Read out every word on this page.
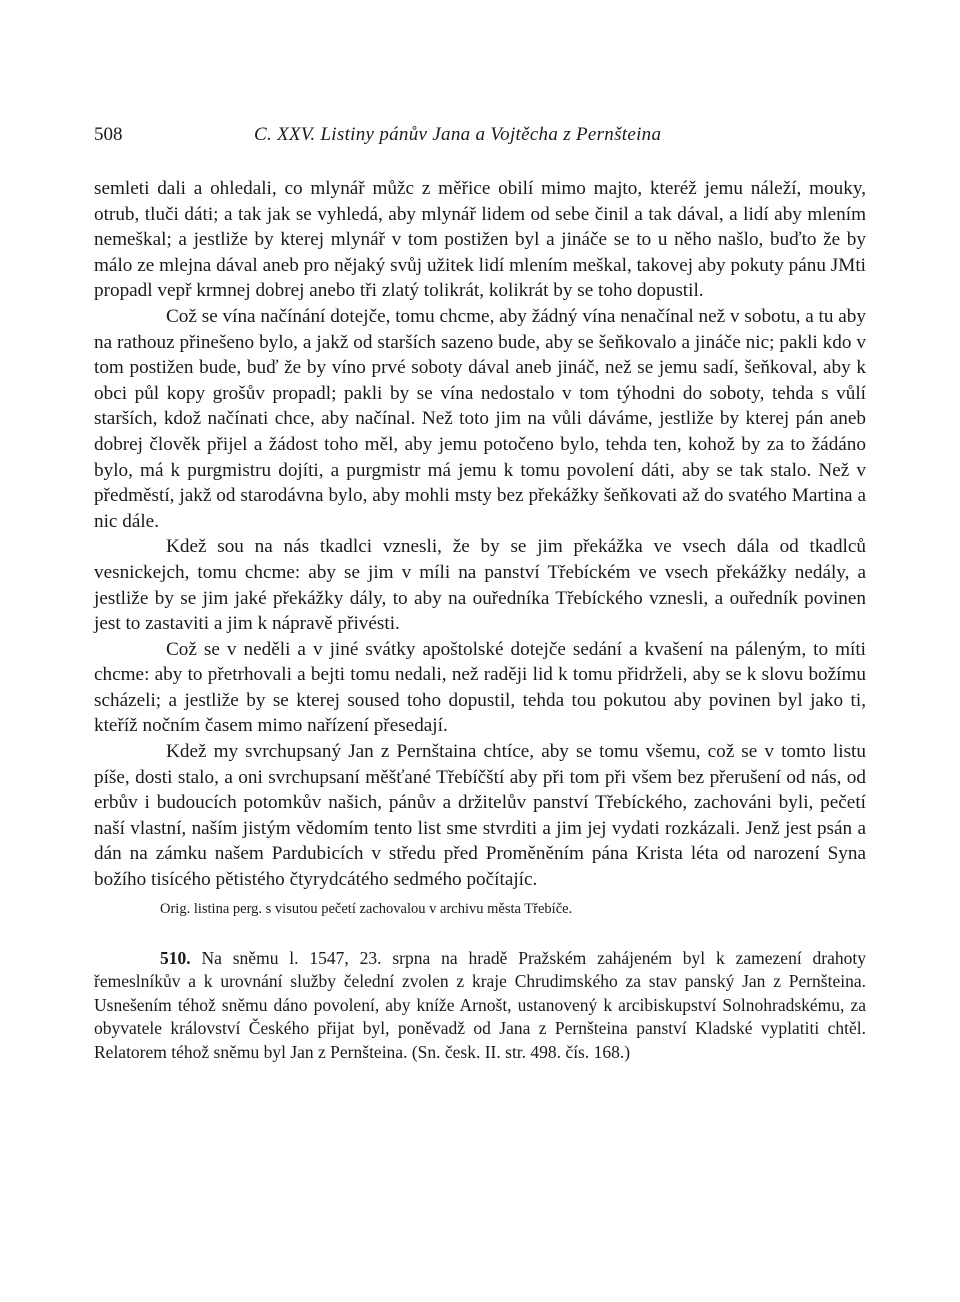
508	C. XXV. Listiny pánův Jana a Vojtěcha z Pernšteina

semleti dali a ohledali, co mlynář můžc z měřice obilí mimo majto, kteréž jemu náleží, mouky, otrub, tluči dáti; a tak jak se vyhledá, aby mlynář lidem od sebe činil a tak dával, a lidí aby mlením nemeškal; a jestliže by kterej mlynář v tom postižen byl a jináče se to u něho našlo, buďto že by málo ze mlejna dával aneb pro nějaký svůj užitek lidí mlením meškal, takovej aby pokuty pánu JMti propadl vepř krmnej dobrej anebo tři zlatý tolikrát, kolikrát by se toho dopustil.

Což se vína načínání dotejče, tomu chcme, aby žádný vína nenačínal než v sobotu, a tu aby na rathouz přinešeno bylo, a jakž od starších sazeno bude, aby se šeňkovalo a jináče nic; pakli kdo v tom postižen bude, buď že by víno prvé soboty dával aneb jináč, než se jemu sadí, šeňkoval, aby k obci půl kopy grošův propadl; pakli by se vína nedostalo v tom týhodni do soboty, tehda s vůlí starších, kdož načínati chce, aby načínal. Než toto jim na vůli dáváme, jestliže by kterej pán aneb dobrej člověk přijel a žádost toho měl, aby jemu potočeno bylo, tehda ten, kohož by za to žádáno bylo, má k purgmistru dojíti, a purgmistr má jemu k tomu povolení dáti, aby se tak stalo. Než v předměstí, jakž od starodávna bylo, aby mohli msty bez překážky šeňkovati až do svatého Martina a nic dále.

Kdež sou na nás tkadlci vznesli, že by se jim překážka ve vsech dála od tkadlců vesnickejch, tomu chcme: aby se jim v míli na panství Třebíckém ve vsech překážky nedály, a jestliže by se jim jaké překážky dály, to aby na ouředníka Třebíckého vznesli, a ouředník povinen jest to zastaviti a jim k nápravě přivésti.

Což se v neděli a v jiné svátky apoštolské dotejče sedání a kvašení na páleným, to míti chcme: aby to přetrhovali a bejti tomu nedali, než raději lid k tomu přidrželi, aby se k slovu božímu scházeli; a jestliže by se kterej soused toho dopustil, tehda tou pokutou aby povinen byl jako ti, kteříž nočním časem mimo nařízení přesedají.

Kdež my svrchupsaný Jan z Pernštaina chtíce, aby se tomu všemu, což se v tomto listu píše, dosti stalo, a oni svrchupsaní měšťané Třebíčští aby při tom při všem bez přerušení od nás, od erbův i budoucích potomkův našich, pánův a držitelův panství Třebíckého, zachováni byli, pečetí naší vlastní, naším jistým vědomím tento list sme stvrditi a jim jej vydati rozkázali. Jenž jest psán a dán na zámku našem Pardubicích v středu před Proměněním pána Krista léta od narození Syna božího tisícého pětistého čtyrydcátého sedmého počítajíc.

Orig. listina perg. s visutou pečetí zachovalou v archivu města Třebíče.
510. Na sněmu l. 1547, 23. srpna na hradě Pražském zahájeném byl k zamezení drahoty řemeslníkův a k urovnání služby čelední zvolen z kraje Chrudimského za stav panský Jan z Pernšteina. Usnešením téhož sněmu dáno povolení, aby kníže Arnošt, ustanovený k arcibiskupství Solnohradskému, za obyvatele království Českého přijat byl, poněvadž od Jana z Pernšteina panství Kladské vyplatiti chtěl. Relatorem téhož sněmu byl Jan z Pernšteina. (Sn. česk. II. str. 498. čís. 168.)
